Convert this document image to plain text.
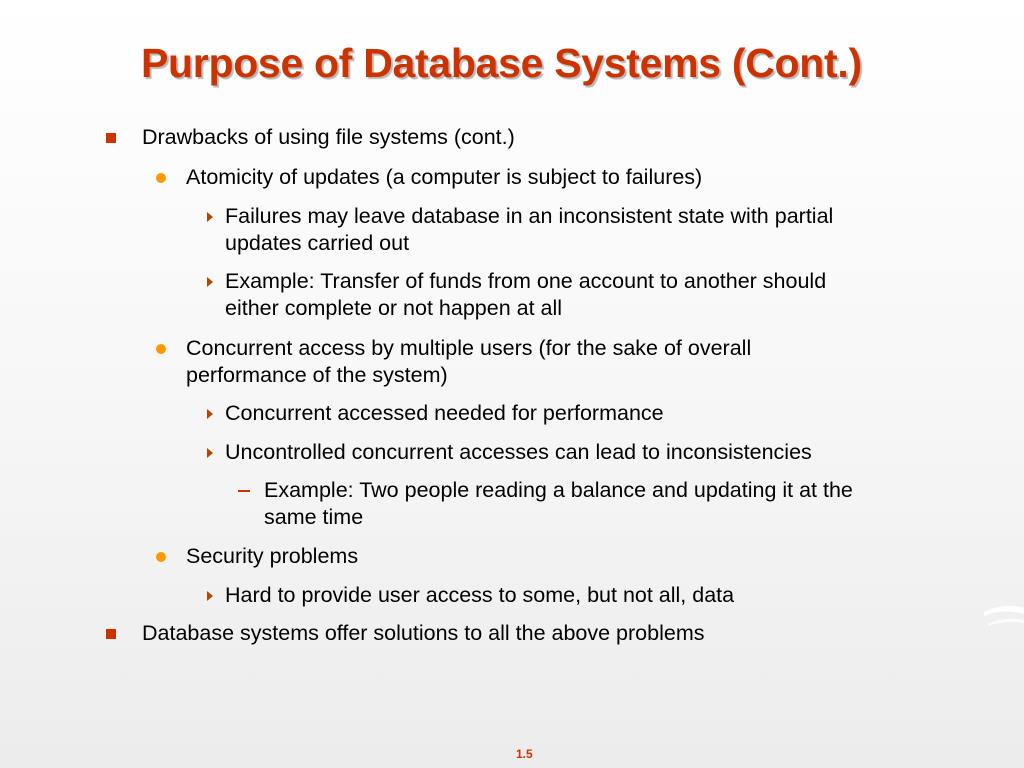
Purpose of Database Systems (Cont.)
Drawbacks of using file systems (cont.)
Atomicity of updates (a computer is subject to failures)
Failures may leave database in an inconsistent state with partial
updates carried out
Example: Transfer of funds from one account to another should
either complete or not happen at all
Concurrent access by multiple users (for the sake of overall
performance of the system)
Concurrent accessed needed for performance
Uncontrolled concurrent accesses can lead to inconsistencies
Example: Two people reading a balance and updating it at the
same time
Security problems
Hard to provide user access to some, but not all, data
Database systems offer solutions to all the above problems
1.5
